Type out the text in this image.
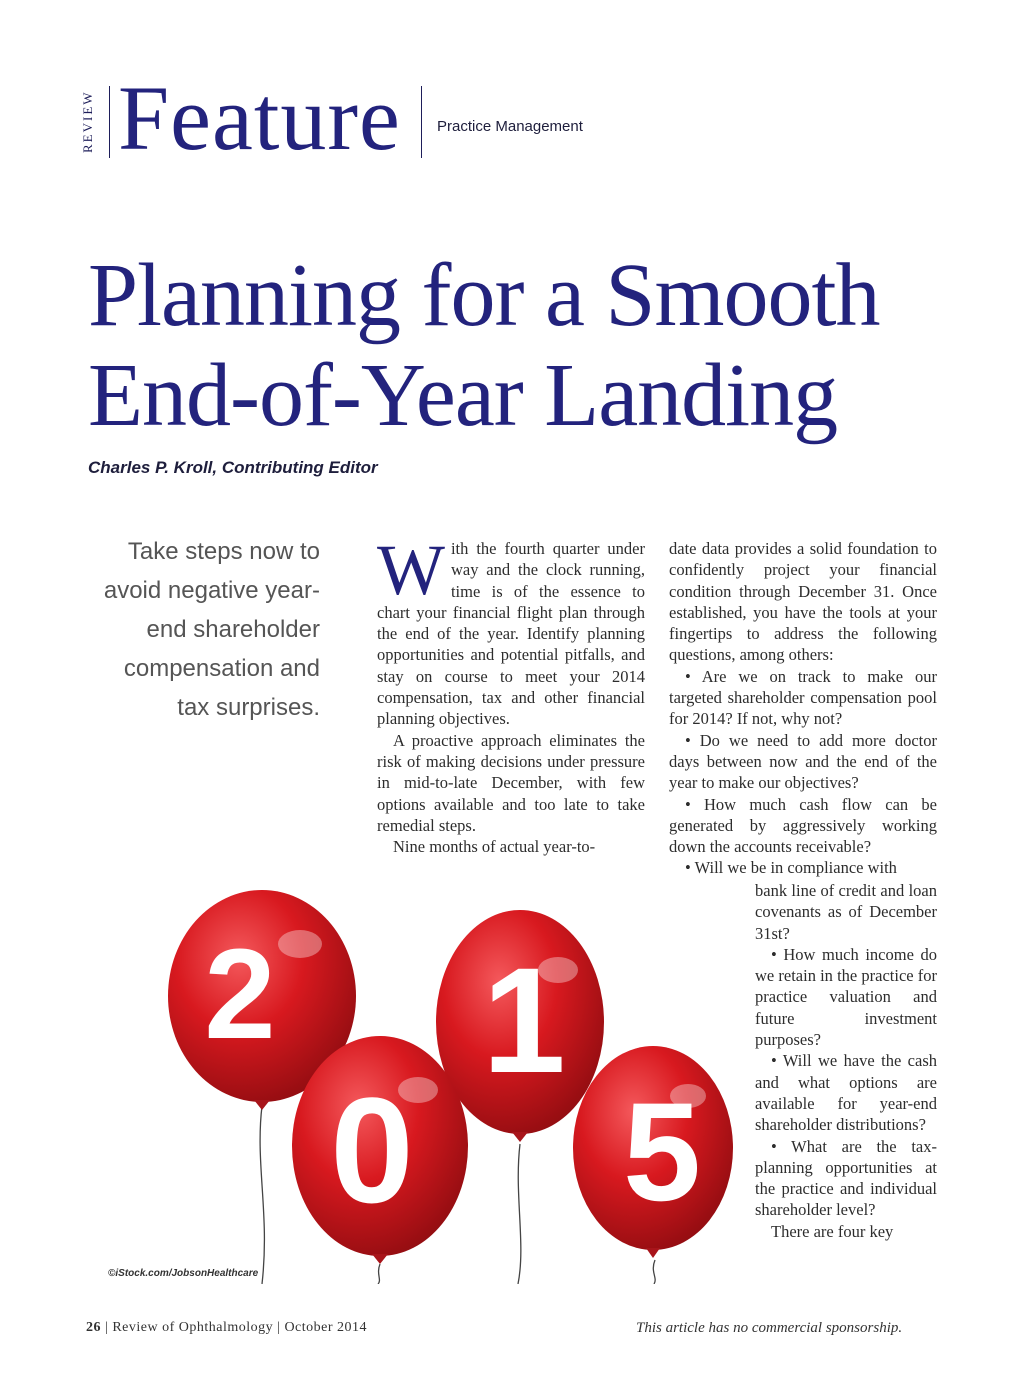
REVIEW Feature Practice Management
Planning for a Smooth
End-of-Year Landing
Charles P. Kroll, Contributing Editor
Take steps now to avoid negative year-end shareholder compensation and tax surprises.

With the fourth quarter under way and the clock running, time is of the essence to chart your financial flight plan through the end of the year. Identify planning opportunities and potential pitfalls, and stay on course to meet your 2014 compensation, tax and other financial planning objectives.

A proactive approach eliminates the risk of making decisions under pressure in mid-to-late December, with few options available and too late to take remedial steps.

Nine months of actual year-to-

date data provides a solid foundation to confidently project your financial condition through December 31. Once established, you have the tools at your fingertips to address the following questions, among others:

• Are we on track to make our targeted shareholder compensation pool for 2014? If not, why not?

• Do we need to add more doctor days between now and the end of the year to make our objectives?

• How much cash flow can be generated by aggressively working down the accounts receivable?

• Will we be in compliance with

bank line of credit and loan covenants as of December 31st?

• How much income do we retain in the practice for practice valuation and future investment purposes?

• Will we have the cash and what options are available for year-end shareholder distributions?

• What are the tax-planning opportunities at the practice and individual shareholder level?

There are four key

2
5
1
0
©iStock.com/JobsonHealthcare
26 | Review of Ophthalmology | October 2014	This article has no commercial sponsorship.
